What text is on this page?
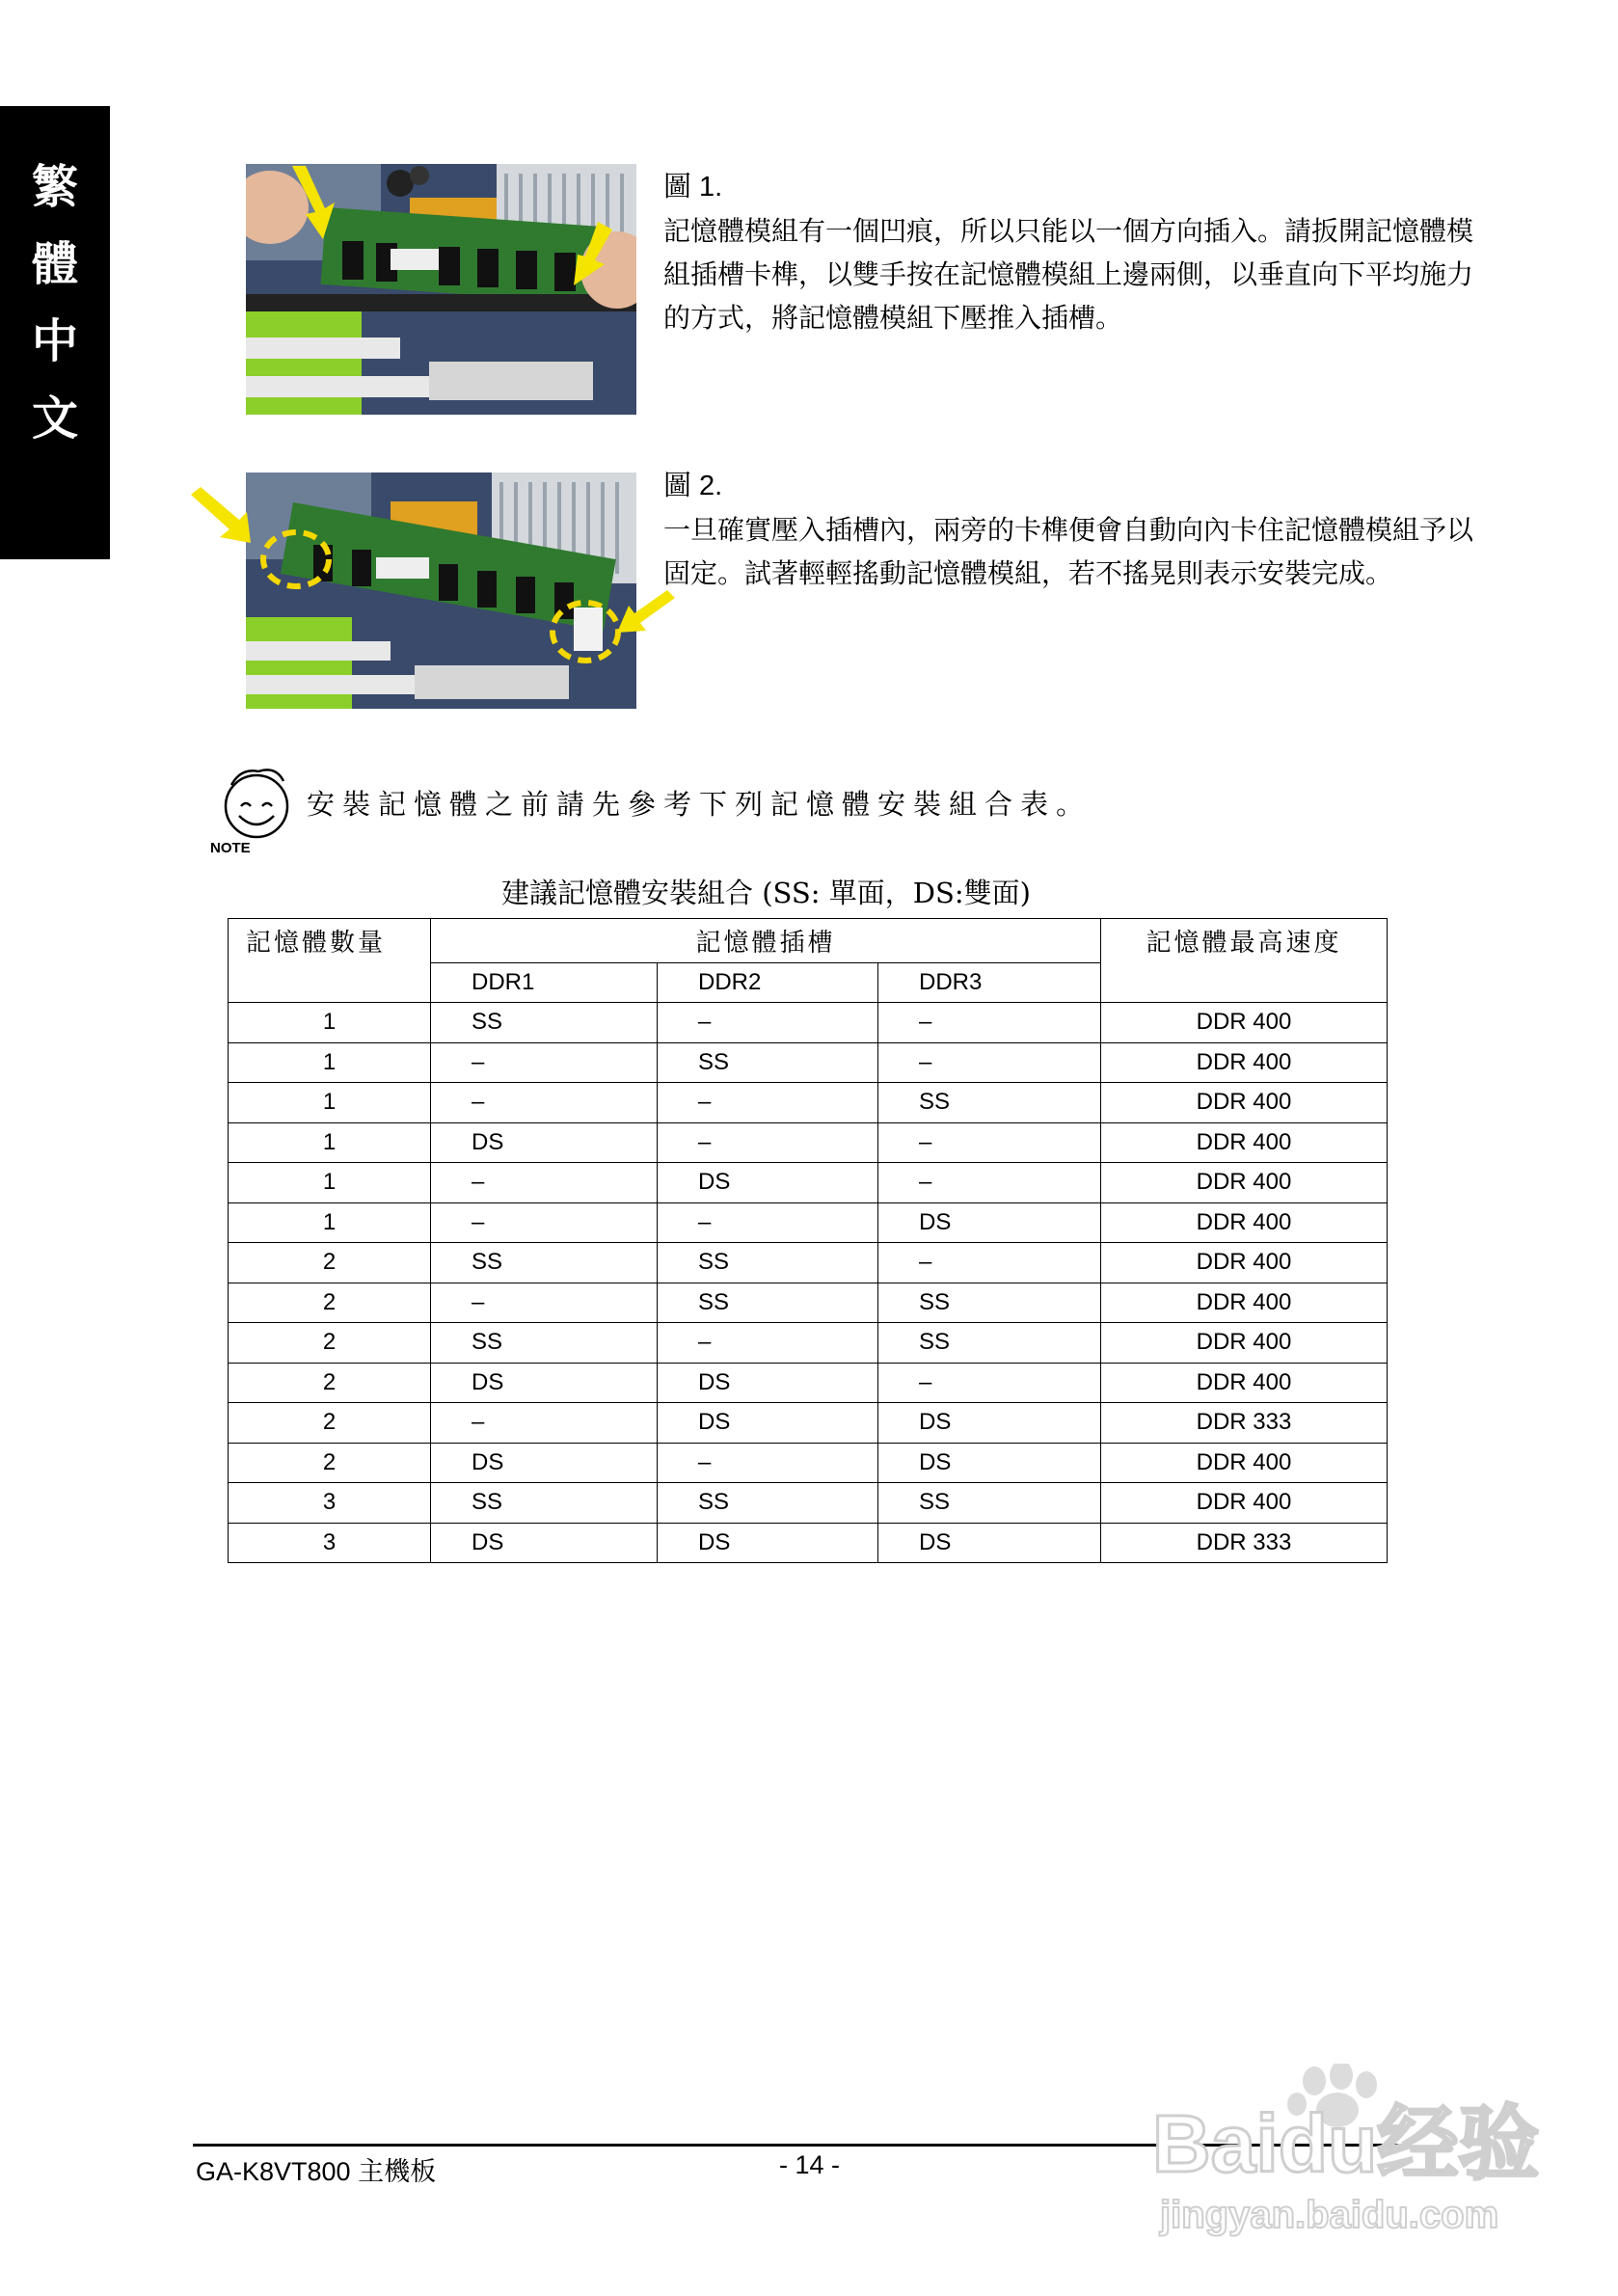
繁
體
中
文
圖 1.
記憶體模組有一個凹痕，所以只能以一個方向插入。請扳開記憶體模組插槽卡榫，以雙手按在記憶體模組上邊兩側，以垂直向下平均施力的方式，將記憶體模組下壓推入插槽。
圖 2.
一旦確實壓入插槽內，兩旁的卡榫便會自動向內卡住記憶體模組予以固定。試著輕輕搖動記憶體模組，若不搖晃則表示安裝完成。
NOTE
安裝記憶體之前請先參考下列記憶體安裝組合表。
建議記憶體安裝組合 (SS: 單面，DS:雙面)
記憶體數量	記憶體插槽			記憶體最高速度
	DDR1	DDR2	DDR3	
1	SS	–	–	DDR 400
1	–	SS	–	DDR 400
1	–	–	SS	DDR 400
1	DS	–	–	DDR 400
1	–	DS	–	DDR 400
1	–	–	DS	DDR 400
2	SS	SS	–	DDR 400
2	–	SS	SS	DDR 400
2	SS	–	SS	DDR 400
2	DS	DS	–	DDR 400
2	–	DS	DS	DDR 333
2	DS	–	DS	DDR 400
3	SS	SS	SS	DDR 400
3	DS	DS	DS	DDR 333
GA-K8VT800 主機板	- 14 -	Baidu经验
jingyan.baidu.com
